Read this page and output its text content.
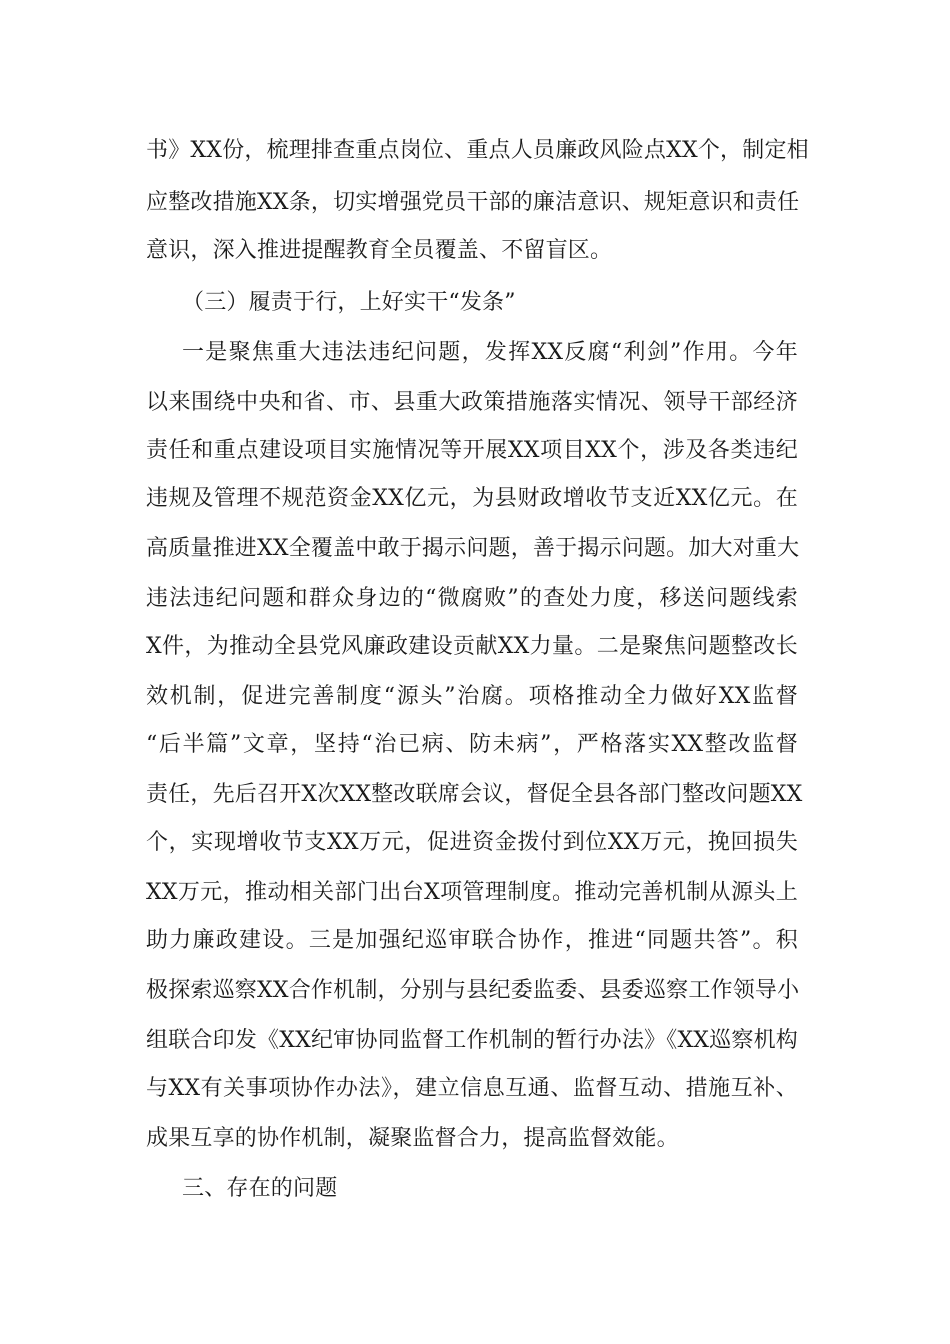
书》XX份，梳理排查重点岗位、重点人员廉政风险点XX个，制定相
应整改措施XX条，切实增强党员干部的廉洁意识、规矩意识和责任
意识，深入推进提醒教育全员覆盖、不留盲区。
（三）履责于行，上好实干“发条”
一是聚焦重大违法违纪问题，发挥XX反腐“利剑”作用。今年
以来围绕中央和省、市、县重大政策措施落实情况、领导干部经济
责任和重点建设项目实施情况等开展XX项目XX个，涉及各类违纪
违规及管理不规范资金XX亿元，为县财政增收节支近XX亿元。在
高质量推进XX全覆盖中敢于揭示问题，善于揭示问题。加大对重大
违法违纪问题和群众身边的“微腐败”的查处力度，移送问题线索
X件，为推动全县党风廉政建设贡献XX力量。二是聚焦问题整改长
效机制，促进完善制度“源头”治腐。项格推动全力做好XX监督
“后半篇”文章，坚持“治已病、防未病”，严格落实XX整改监督
责任，先后召开X次XX整改联席会议，督促全县各部门整改问题XX
个，实现增收节支XX万元，促进资金拨付到位XX万元，挽回损失
XX万元，推动相关部门出台X项管理制度。推动完善机制从源头上
助力廉政建设。三是加强纪巡审联合协作，推进“同题共答”。积
极探索巡察XX合作机制，分别与县纪委监委、县委巡察工作领导小
组联合印发《XX纪审协同监督工作机制的暂行办法》《XX巡察机构
与XX有关事项协作办法》，建立信息互通、监督互动、措施互补、
成果互享的协作机制，凝聚监督合力，提高监督效能。
三、存在的问题
